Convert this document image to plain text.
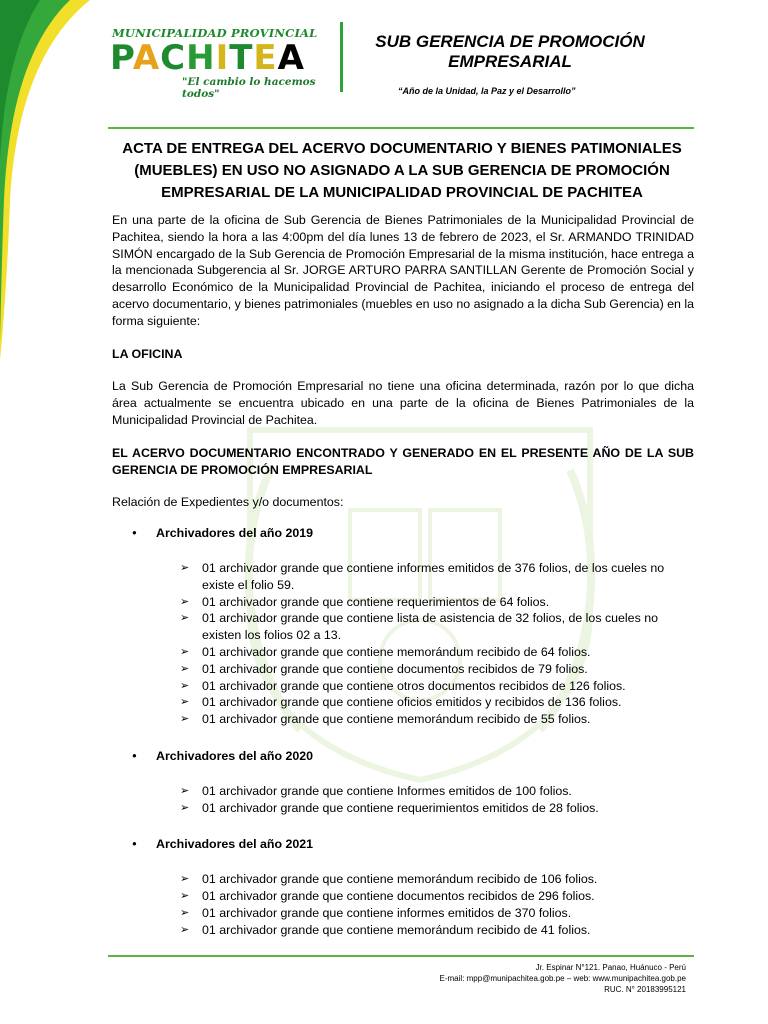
MUNICIPALIDAD PROVINCIAL
PACHITEA
"El cambio lo hacemos todos"
SUB GERENCIA DE PROMOCIÓN
EMPRESARIAL
“Año de la Unidad, la Paz y el Desarrollo”
ACTA DE ENTREGA DEL ACERVO DOCUMENTARIO Y BIENES PATIMONIALES (MUEBLES) EN USO NO ASIGNADO A LA SUB GERENCIA DE PROMOCIÓN EMPRESARIAL DE LA MUNICIPALIDAD PROVINCIAL DE PACHITEA

En una parte de la oficina de Sub Gerencia de Bienes Patrimoniales de la Municipalidad Provincial de Pachitea, siendo la hora a las 4:00pm del día lunes 13 de febrero de 2023, el Sr. ARMANDO TRINIDAD SIMÓN encargado de la Sub Gerencia de Promoción Empresarial de la misma institución, hace entrega a la mencionada Subgerencia al Sr. JORGE ARTURO PARRA SANTILLAN Gerente de Promoción Social y desarrollo Económico de la Municipalidad Provincial de Pachitea, iniciando el proceso de entrega del acervo documentario, y bienes patrimoniales (muebles en uso no asignado a la dicha Sub Gerencia) en la forma siguiente:

LA OFICINA

La Sub Gerencia de Promoción Empresarial no tiene una oficina determinada, razón por lo que dicha área actualmente se encuentra ubicado en una parte de la oficina de Bienes Patrimoniales de la Municipalidad Provincial de Pachitea.

EL ACERVO DOCUMENTARIO ENCONTRADO Y GENERADO EN EL PRESENTE AÑO DE LA SUB GERENCIA DE PROMOCIÓN EMPRESARIAL

Relación de Expedientes y/o documentos:

● Archivadores del año 2019
➢ 01 archivador grande que contiene informes emitidos de 376 folios, de los cueles no existe el folio 59.
➢ 01 archivador grande que contiene requerimientos de 64 folios.
➢ 01 archivador grande que contiene lista de asistencia de 32 folios, de los cueles no existen los folios 02 a 13.
➢ 01 archivador grande que contiene memorándum recibido de 64 folios.
➢ 01 archivador grande que contiene documentos recibidos de 79 folios.
➢ 01 archivador grande que contiene otros documentos recibidos de 126 folios.
➢ 01 archivador grande que contiene oficios emitidos y recibidos de 136 folios.
➢ 01 archivador grande que contiene memorándum recibido de 55 folios.
● Archivadores del año 2020
➢ 01 archivador grande que contiene Informes emitidos de 100 folios.
➢ 01 archivador grande que contiene requerimientos emitidos de 28 folios.
● Archivadores del año 2021
➢ 01 archivador grande que contiene memorándum recibido de 106 folios.
➢ 01 archivador grande que contiene documentos recibidos de 296 folios.
➢ 01 archivador grande que contiene informes emitidos de 370 folios.
➢ 01 archivador grande que contiene memorándum recibido de 41 folios.
Jr. Espinar N°121. Panao, Huánuco - Perú
E-mail: mpp@munipachitea.gob.pe – web: www.munipachitea.gob.pe
RUC. N° 20183995121
